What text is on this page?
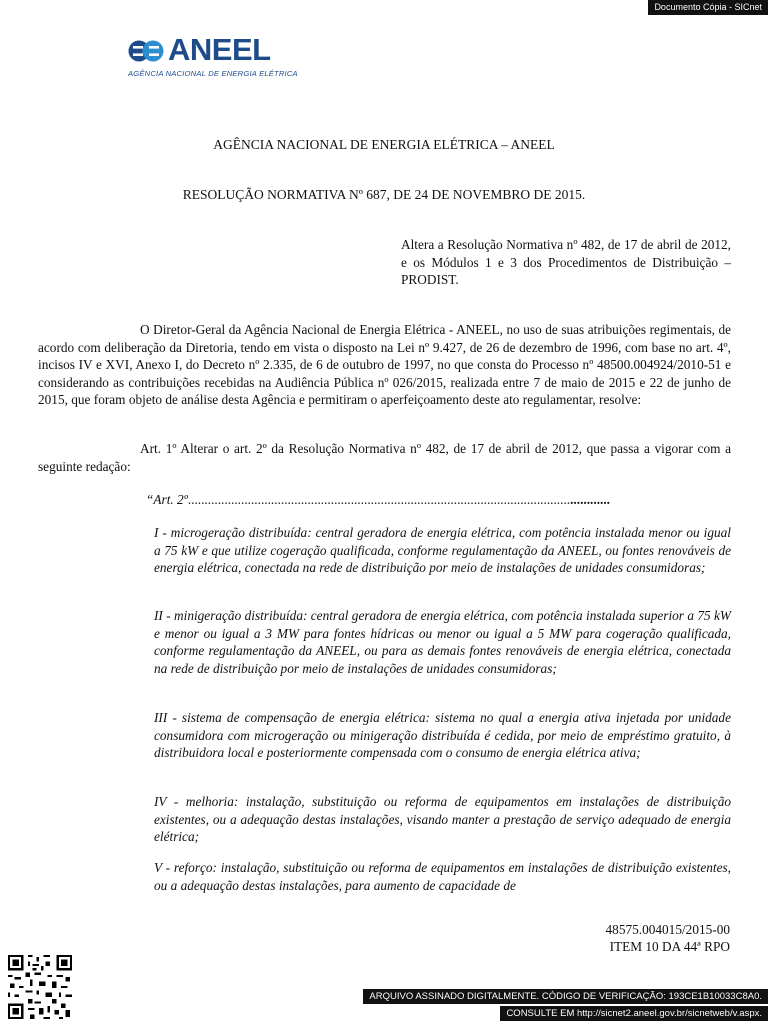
Documento Cópia - SICnet
ANEEL
AGÊNCIA NACIONAL DE ENERGIA ELÉTRICA
AGÊNCIA NACIONAL DE ENERGIA ELÉTRICA – ANEEL
RESOLUÇÃO NORMATIVA Nº 687, DE 24 DE NOVEMBRO DE 2015.

Altera a Resolução Normativa nº 482, de 17 de abril de 2012, e os Módulos 1 e 3 dos Procedimentos de Distribuição – PRODIST.

O Diretor-Geral da Agência Nacional de Energia Elétrica - ANEEL, no uso de suas atribuições regimentais, de acordo com deliberação da Diretoria, tendo em vista o disposto na Lei nº 9.427, de 26 de dezembro de 1996, com base no art. 4º, incisos IV e XVI, Anexo I, do Decreto nº 2.335, de 6 de outubro de 1997, no que consta do Processo nº 48500.004924/2010-51 e considerando as contribuições recebidas na Audiência Pública nº 026/2015, realizada entre 7 de maio de 2015 e 22 de junho de 2015, que foram objeto de análise desta Agência e permitiram o aperfeiçoamento deste ato regulamentar, resolve:

Art. 1º Alterar o art. 2º da Resolução Normativa nº 482, de 17 de abril de 2012, que passa a vigorar com a seguinte redação:

“Art. 2º...............................................................................................................................

I - microgeração distribuída: central geradora de energia elétrica, com potência instalada menor ou igual a 75 kW e que utilize cogeração qualificada, conforme regulamentação da ANEEL, ou fontes renováveis de energia elétrica, conectada na rede de distribuição por meio de instalações de unidades consumidoras;

II - minigeração distribuída: central geradora de energia elétrica, com potência instalada superior a 75 kW e menor ou igual a 3 MW para fontes hídricas ou menor ou igual a 5 MW para cogeração qualificada, conforme regulamentação da ANEEL, ou para as demais fontes renováveis de energia elétrica, conectada na rede de distribuição por meio de instalações de unidades consumidoras;

III - sistema de compensação de energia elétrica: sistema no qual a energia ativa injetada por unidade consumidora com microgeração ou minigeração distribuída é cedida, por meio de empréstimo gratuito, à distribuidora local e posteriormente compensada com o consumo de energia elétrica ativa;

IV - melhoria: instalação, substituição ou reforma de equipamentos em instalações de distribuição existentes, ou a adequação destas instalações, visando manter a prestação de serviço adequado de energia elétrica;

V - reforço: instalação, substituição ou reforma de equipamentos em instalações de distribuição existentes, ou a adequação destas instalações, para aumento de capacidade de

48575.004015/2015-00
ITEM 10 DA 44ª RPO
ARQUIVO ASSINADO DIGITALMENTE. CÓDIGO DE VERIFICAÇÃO: 193CE1B10033C8A0.
CONSULTE EM http://sicnet2.aneel.gov.br/sicnetweb/v.aspx.
